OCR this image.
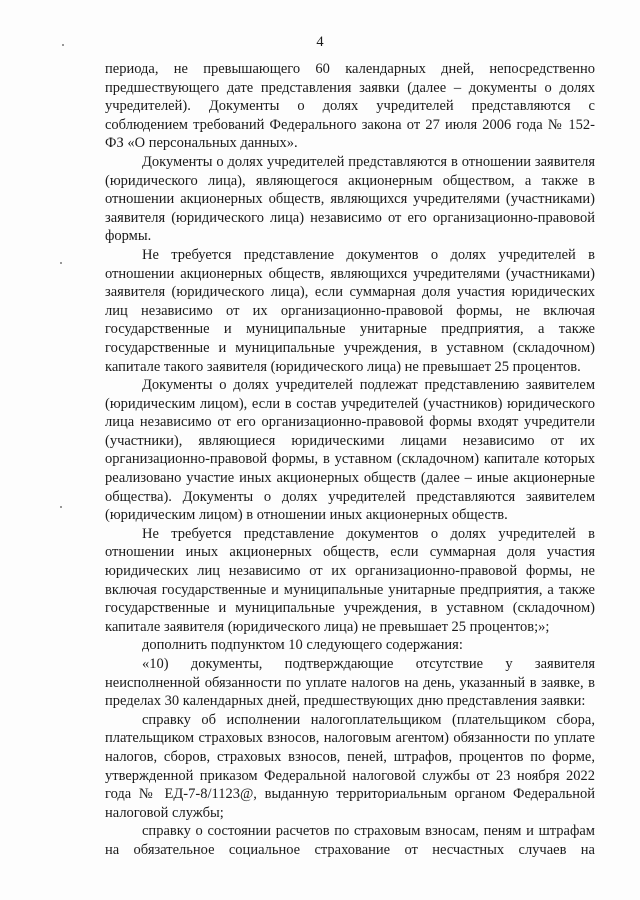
4

периода, не превышающего 60 календарных дней, непосредственно предшествующего дате представления заявки (далее – документы о долях учредителей). Документы о долях учредителей представляются с соблюдением требований Федерального закона от 27 июля 2006 года № 152-ФЗ «О персональных данных».

Документы о долях учредителей представляются в отношении заявителя (юридического лица), являющегося акционерным обществом, а также в отношении акционерных обществ, являющихся учредителями (участниками) заявителя (юридического лица) независимо от его организационно-правовой формы.

Не требуется представление документов о долях учредителей в отношении акционерных обществ, являющихся учредителями (участниками) заявителя (юридического лица), если суммарная доля участия юридических лиц независимо от их организационно-правовой формы, не включая государственные и муниципальные унитарные предприятия, а также государственные и муниципальные учреждения, в уставном (складочном) капитале такого заявителя (юридического лица) не превышает 25 процентов.

Документы о долях учредителей подлежат представлению заявителем (юридическим лицом), если в состав учредителей (участников) юридического лица независимо от его организационно-правовой формы входят учредители (участники), являющиеся юридическими лицами независимо от их организационно-правовой формы, в уставном (складочном) капитале которых реализовано участие иных акционерных обществ (далее – иные акционерные общества). Документы о долях учредителей представляются заявителем (юридическим лицом) в отношении иных акционерных обществ.

Не требуется представление документов о долях учредителей в отношении иных акционерных обществ, если суммарная доля участия юридических лиц независимо от их организационно-правовой формы, не включая государственные и муниципальные унитарные предприятия, а также государственные и муниципальные учреждения, в уставном (складочном) капитале заявителя (юридического лица) не превышает 25 процентов;»;

дополнить подпунктом 10 следующего содержания:

«10) документы, подтверждающие отсутствие у заявителя неисполненной обязанности по уплате налогов на день, указанный в заявке, в пределах 30 календарных дней, предшествующих дню представления заявки:

справку об исполнении налогоплательщиком (плательщиком сбора, плательщиком страховых взносов, налоговым агентом) обязанности по уплате налогов, сборов, страховых взносов, пеней, штрафов, процентов по форме, утвержденной приказом Федеральной налоговой службы от 23 ноября 2022 года № ЕД-7-8/1123@, выданную территориальным органом Федеральной налоговой службы;

справку о состоянии расчетов по страховым взносам, пеням и штрафам на обязательное социальное страхование от несчастных случаев на
